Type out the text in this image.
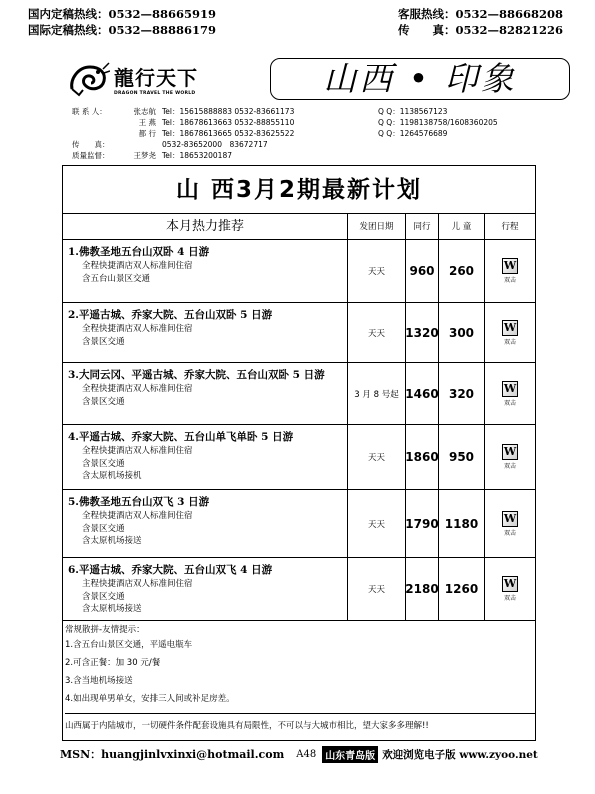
国内定稿热线：0532—88665919	客服热线：0532—88668208
国际定稿热线：0532—88886179	传　　真：0532—82821226
龍行天下
DRAGON TRAVEL THE WORLD	山西 • 印象
联 系 人：	张志航 Tel：15615888883 0532-83661173	Q Q：1138567123
王 燕 Tel：18678613663 0532-88855110	Q Q：1198138758/1608360205
都 行 Tel：18678613665 0532-83625522	Q Q：1264576689
传　　真：	0532-83652000　83672717
质量监督：	王梦尧 Tel：18653200187
山 西3月2期最新计划
本月热力推荐	发团日期	同行	儿 童	行程
1.佛教圣地五台山双卧 4 日游
全程快捷酒店双人标准间住宿
含五台山景区交通
天天 960 260	W
双击
2.平遥古城、乔家大院、五台山双卧 5 日游
全程快捷酒店双人标准间住宿
含景区交通
天天 1320 300	W
双击
3.大同云冈、平遥古城、乔家大院、五台山双卧 5 日游
全程快捷酒店双人标准间住宿
含景区交通
3 月 8 号起 1460 320	W
双击
4.平遥古城、乔家大院、五台山单飞单卧 5 日游
全程快捷酒店双人标准间住宿
含景区交通
含太原机场接机
天天 1860 950	W
双击
5.佛教圣地五台山双飞 3 日游
全程快捷酒店双人标准间住宿
含景区交通
含太原机场接送
天天 1790 1180 W
双击
6.平遥古城、乔家大院、五台山双飞 4 日游
主程快捷酒店双人标准间住宿
含景区交通
含太原机场接送
天天 2180 1260 W
双击
常规散拼-友情提示：
1.含五台山景区交通，平遥电瓶车
2.可含正餐：加 30 元/餐
3.含当地机场接送
4.如出现单男单女，安排三人间或补足房差。
山西属于内陆城市，一切硬件条件配套设施具有局限性，不可以与大城市相比，望大家多多理解!!
MSN：huangjinlvxinxi@hotmail.com A48 山东青岛版 欢迎浏览电子版 www.zyoo.net
